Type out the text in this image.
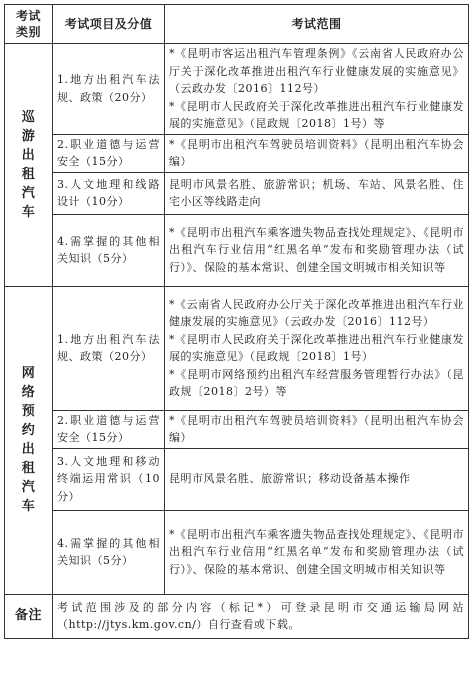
考试类别	考试项目及分值	考试范围

巡游出租汽车	1.地方出租汽车法规、政策（20分）	*《昆明市客运出租汽车管理条例》《云南省人民政府办公厅关于深化改革推进出租汽车行业健康发展的实施意见》（云政办发〔2016〕112号）

*《昆明市人民政府关于深化改革推进出租汽车行业健康发展的实施意见》（昆政规〔2018〕1号）等

	2.职业道德与运营安全（15分）	*《昆明市出租汽车驾驶员培训资料》（昆明出租汽车协会编）

	3.人文地理和线路设计（10分）	昆明市风景名胜、旅游常识；机场、车站、风景名胜、住宅小区等线路走向

	4.需掌握的其他相关知识（5分）	*《昆明市出租汽车乘客遗失物品查找处理规定》、《昆明市出租汽车行业信用“红黑名单”发布和奖励管理办法（试行）》、保险的基本常识、创建全国文明城市相关知识等

网络预约出租汽车	1.地方出租汽车法规、政策（20分）	*《云南省人民政府办公厅关于深化改革推进出租汽车行业健康发展的实施意见》（云政办发〔2016〕112号）

*《昆明市人民政府关于深化改革推进出租汽车行业健康发展的实施意见》（昆政规〔2018〕1号）

*《昆明市网络预约出租汽车经营服务管理暂行办法》（昆政规〔2018〕2号）等

	2.职业道德与运营安全（15分）	*《昆明市出租汽车驾驶员培训资料》（昆明出租汽车协会编）

	3.人文地理和移动终端运用常识（10分）	昆明市风景名胜、旅游常识；移动设备基本操作

	4.需掌握的其他相关知识（5分）	*《昆明市出租汽车乘客遗失物品查找处理规定》、《昆明市出租汽车行业信用“红黑名单”发布和奖励管理办法（试行）》、保险的基本常识、创建全国文明城市相关知识等

备注	考试范围涉及的部分内容（标记*）可登录昆明市交通运输局网站（http://jtys.km.gov.cn/）自行查看或下载。	
